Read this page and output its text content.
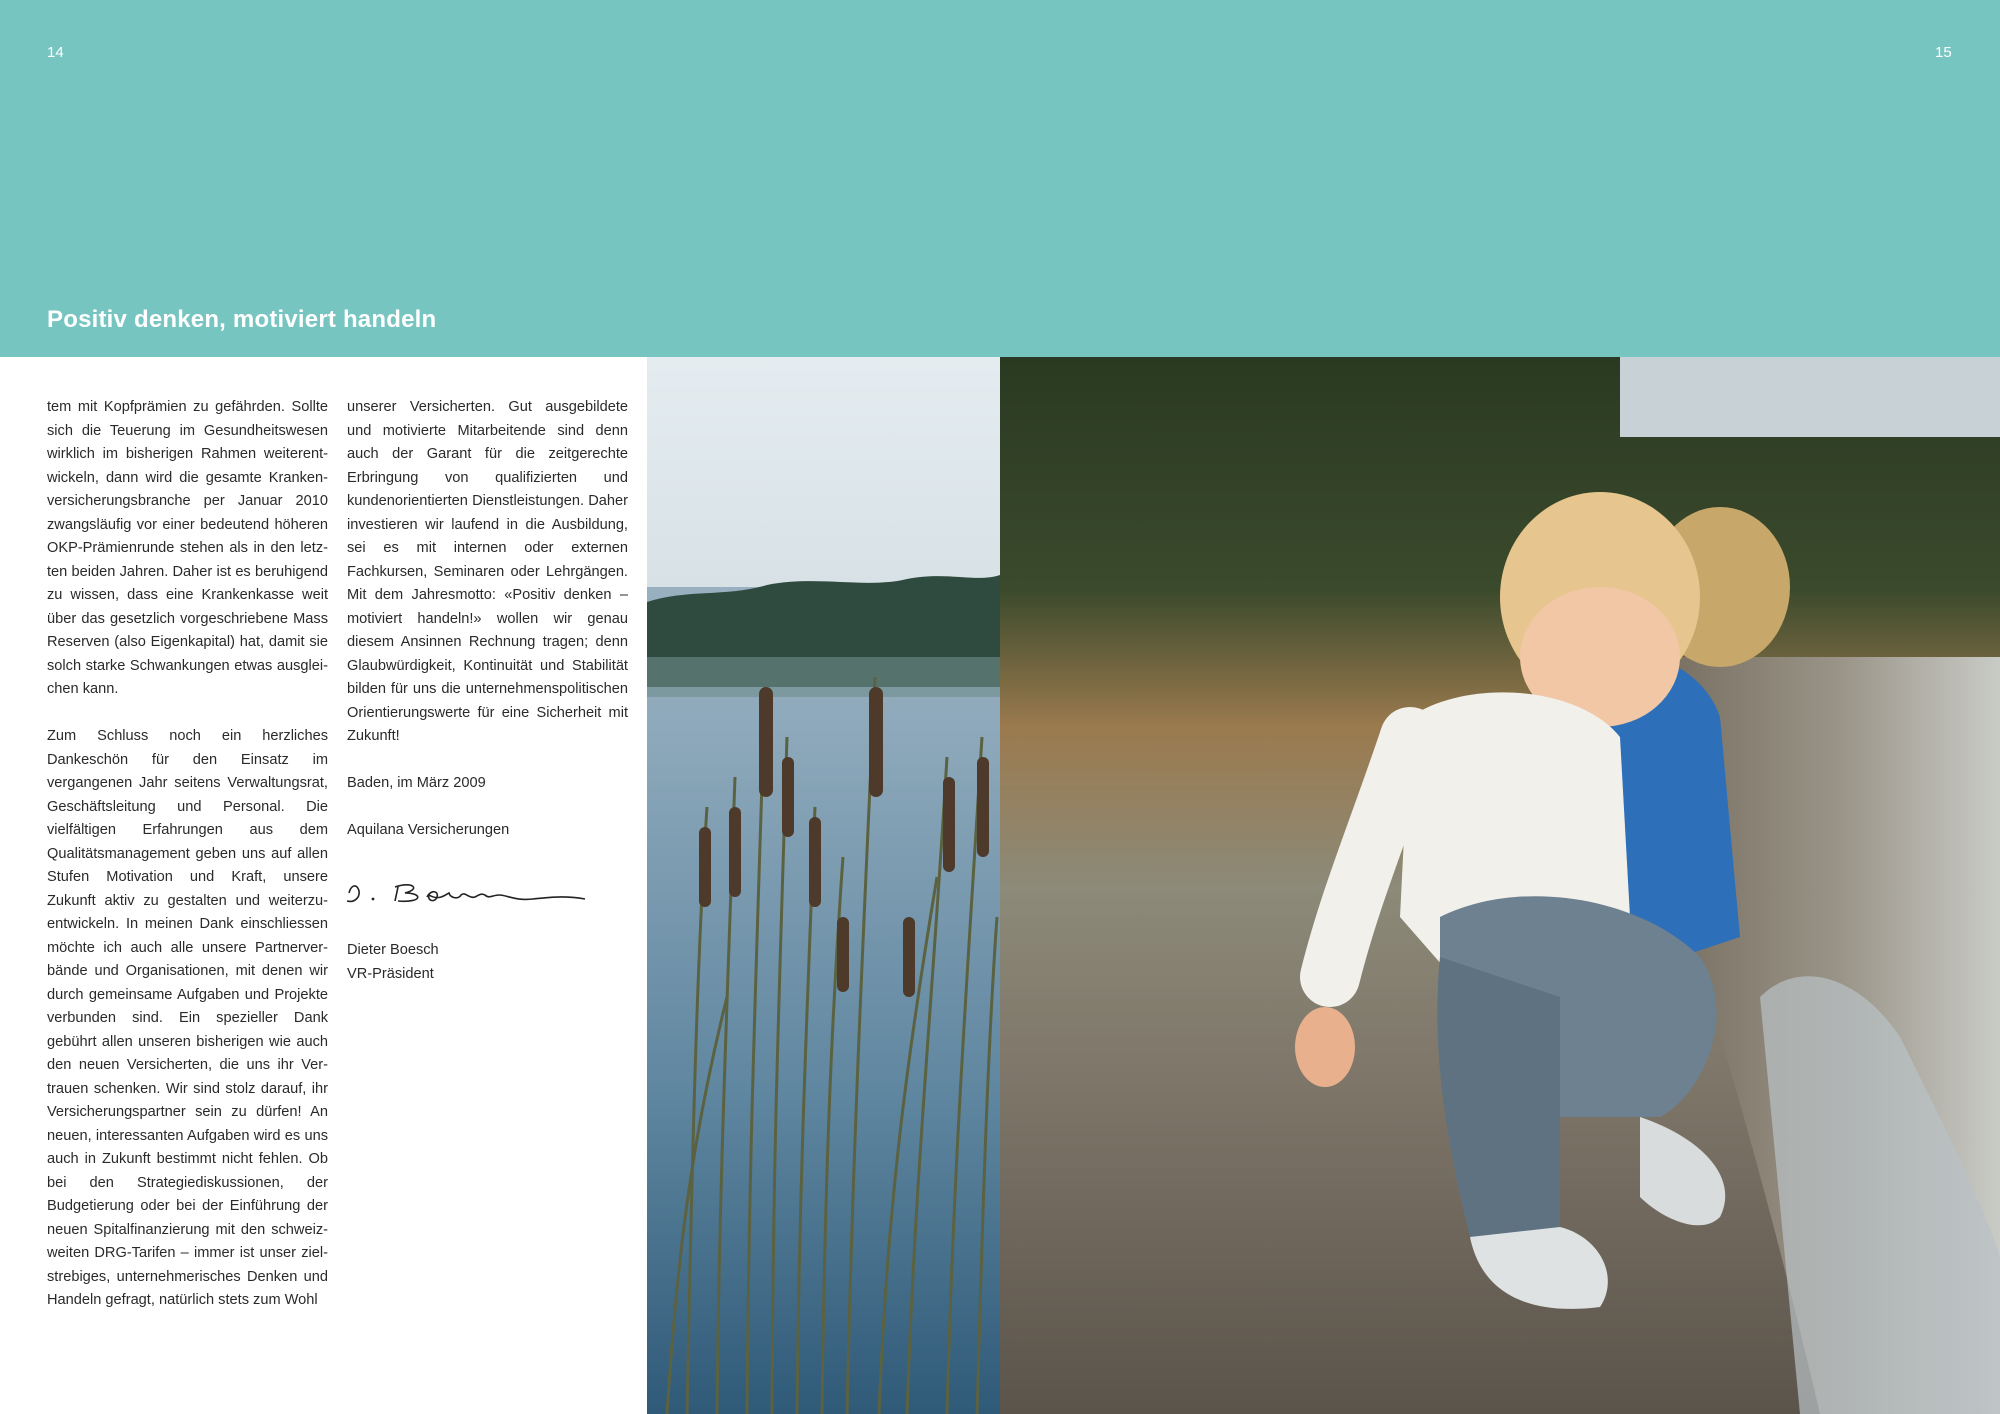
14	15
Positiv denken, motiviert handeln

tem mit Kopfprämien zu gefährden. Sollte sich die Teuerung im Gesundheitswesen wirklich im bisherigen Rahmen weiterentwickeln, dann wird die gesamte Krankenversicherungsbranche per Januar 2010 zwangsläufig vor einer bedeutend höheren OKP-Prämienrunde stehen als in den letzten beiden Jahren. Daher ist es beruhigend zu wissen, dass eine Krankenkasse weit über das gesetzlich vorgeschriebene Mass Reserven (also Eigenkapital) hat, damit sie solch starke Schwankungen etwas ausgleichen kann.

Zum Schluss noch ein herzliches Dankeschön für den Einsatz im vergangenen Jahr seitens Verwaltungsrat, Geschäftsleitung und Personal. Die vielfältigen Erfahrungen aus dem Qualitätsmanagement geben uns auf allen Stufen Motivation und Kraft, unsere Zukunft aktiv zu gestalten und weiterzuentwickeln. In meinen Dank einschliessen möchte ich auch alle unsere Partnerverbände und Organisationen, mit denen wir durch gemeinsame Aufgaben und Projekte verbunden sind. Ein spezieller Dank gebührt allen unseren bisherigen wie auch den neuen Versicherten, die uns ihr Vertrauen schenken. Wir sind stolz darauf, ihr Versicherungspartner sein zu dürfen! An neuen, interessanten Aufgaben wird es uns auch in Zukunft bestimmt nicht fehlen. Ob bei den Strategiediskussionen, der Budgetierung oder bei der Einführung der neuen Spitalfinanzierung mit den schweizweiten DRG-Tarifen – immer ist unser zielstrebiges, unternehmerisches Denken und Handeln gefragt, natürlich stets zum Wohl

unserer Versicherten. Gut ausgebildete und motivierte Mitarbeitende sind denn auch der Garant für die zeitgerechte Erbringung von qualifizierten und kundenorientierten Dienstleistungen. Daher investieren wir laufend in die Ausbildung, sei es mit internen oder externen Fachkursen, Seminaren oder Lehrgängen. Mit dem Jahresmotto: «Positiv denken – motiviert handeln!» wollen wir genau diesem Ansinnen Rechnung tragen; denn Glaubwürdigkeit, Kontinuität und Stabilität bilden für uns die unternehmenspolitischen Orientierungswerte für eine Sicherheit mit Zukunft!

Baden, im März 2009

Aquilana Versicherungen

Dieter Boesch

VR-Präsident
